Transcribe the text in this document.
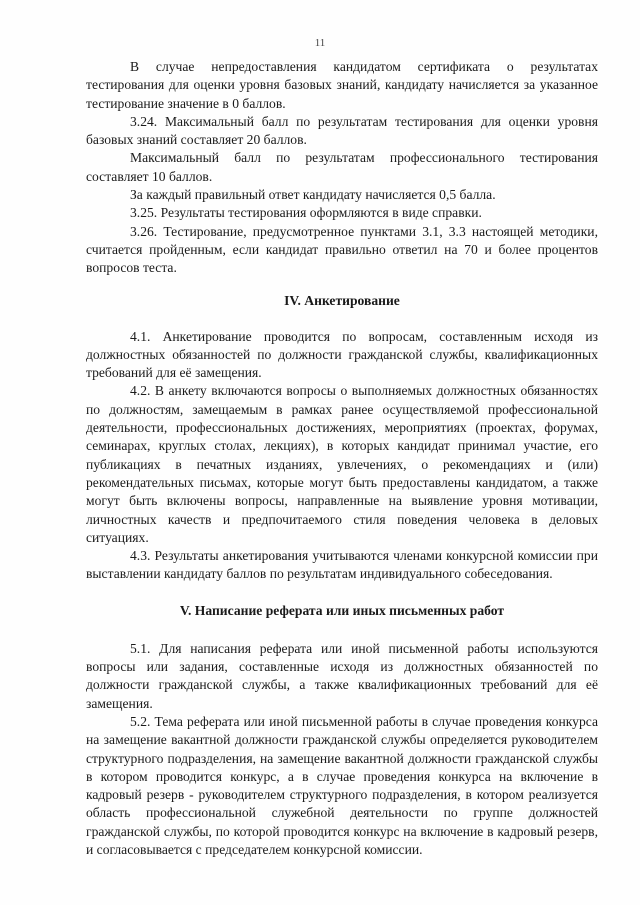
11

В случае непредоставления кандидатом сертификата о результатах тестирования для оценки уровня базовых знаний, кандидату начисляется за указанное тестирование значение в 0 баллов.

3.24. Максимальный балл по результатам тестирования для оценки уровня базовых знаний составляет 20 баллов.

Максимальный балл по результатам профессионального тестирования составляет 10 баллов.

За каждый правильный ответ кандидату начисляется 0,5 балла.

3.25. Результаты тестирования оформляются в виде справки.

3.26. Тестирование, предусмотренное пунктами 3.1, 3.3 настоящей методики, считается пройденным, если кандидат правильно ответил на 70 и более процентов вопросов теста.

IV. Анкетирование

4.1. Анкетирование проводится по вопросам, составленным исходя из должностных обязанностей по должности гражданской службы, квалификационных требований для её замещения.

4.2. В анкету включаются вопросы о выполняемых должностных обязанностях по должностям, замещаемым в рамках ранее осуществляемой профессиональной деятельности, профессиональных достижениях, мероприятиях (проектах, форумах, семинарах, круглых столах, лекциях), в которых кандидат принимал участие, его публикациях в печатных изданиях, увлечениях, о рекомендациях и (или) рекомендательных письмах, которые могут быть предоставлены кандидатом, а также могут быть включены вопросы, направленные на выявление уровня мотивации, личностных качеств и предпочитаемого стиля поведения человека в деловых ситуациях.

4.3. Результаты анкетирования учитываются членами конкурсной комиссии при выставлении кандидату баллов по результатам индивидуального собеседования.

V. Написание реферата или иных письменных работ

5.1. Для написания реферата или иной письменной работы используются вопросы или задания, составленные исходя из должностных обязанностей по должности гражданской службы, а также квалификационных требований для её замещения.

5.2. Тема реферата или иной письменной работы в случае проведения конкурса на замещение вакантной должности гражданской службы определяется руководителем структурного подразделения, на замещение вакантной должности гражданской службы в котором проводится конкурс, а в случае проведения конкурса на включение в кадровый резерв - руководителем структурного подразделения, в котором реализуется область профессиональной служебной деятельности по группе должностей гражданской службы, по которой проводится конкурс на включение в кадровый резерв, и согласовывается с председателем конкурсной комиссии.
